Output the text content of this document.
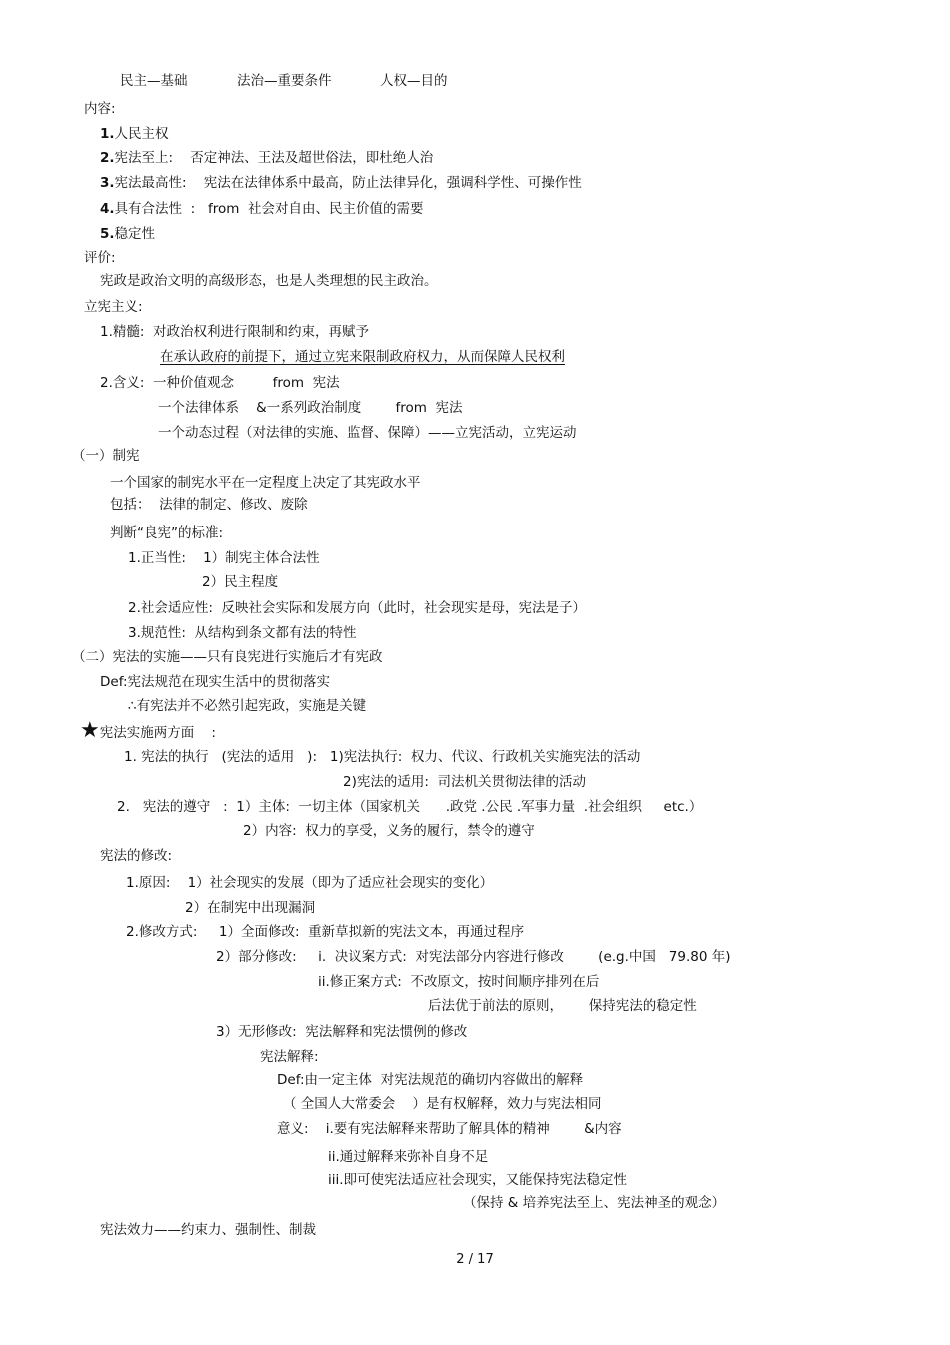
民主—基础	法治—重要条件	人权—目的
内容:
1.人民主权
2.宪法至上:    否定神法、王法及超世俗法，即杜绝人治
3.宪法最高性:    宪法在法律体系中最高，防止法律异化，强调科学性、可操作性
4.具有合法性  :   from  社会对自由、民主价值的需要
5.稳定性
评价:
宪政是政治文明的高级形态，也是人类理想的民主政治。
立宪主义:
1.精髓:  对政治权利进行限制和约束，再赋予
在承认政府的前提下，通过立宪来限制政府权力，从而保障人民权利
2.含义:  一种价值观念         from  宪法
一个法律体系    &一系列政治制度        from  宪法
一个动态过程（对法律的实施、监督、保障）——立宪活动，立宪运动
（一）制宪
一个国家的制宪水平在一定程度上决定了其宪政水平
包括：  法律的制定、修改、废除
判断“良宪”的标准:
1.正当性:    1）制宪主体合法性
2）民主程度
2.社会适应性:  反映社会实际和发展方向（此时，社会现实是母，宪法是子）
3.规范性:  从结构到条文都有法的特性
（二）宪法的实施——只有良宪进行实施后才有宪政
Def:宪法规范在现实生活中的贯彻落实
∴有宪法并不必然引起宪政，实施是关键
★宪法实施两方面    :
1. 宪法的执行   (宪法的适用   ):   1)宪法执行:  权力、代议、行政机关实施宪法的活动
2)宪法的适用:  司法机关贯彻法律的活动
2.   宪法的遵守   :  1）主体:  一切主体（国家机关      .政党 .公民 .军事力量  .社会组织     etc.）
2）内容:  权力的享受，义务的履行，禁令的遵守
宪法的修改:
1.原因:    1）社会现实的发展（即为了适应社会现实的变化）
2）在制宪中出现漏洞
2.修改方式:     1）全面修改:  重新草拟新的宪法文本，再通过程序
2）部分修改:     i.  决议案方式:  对宪法部分内容进行修改        (e.g.中国   79.80 年)
ii.修正案方式:  不改原文，按时间顺序排列在后
后法优于前法的原则，      保持宪法的稳定性
3）无形修改:  宪法解释和宪法惯例的修改
宪法解释:
Def:由一定主体  对宪法规范的确切内容做出的解释
（ 全国人大常委会    ）是有权解释，效力与宪法相同
意义:    i.要有宪法解释来帮助了解具体的精神        &内容
ii.通过解释来弥补自身不足
iii.即可使宪法适应社会现实，又能保持宪法稳定性
（保持 & 培养宪法至上、宪法神圣的观念）
宪法效力——约束力、强制性、制裁
2 / 17
